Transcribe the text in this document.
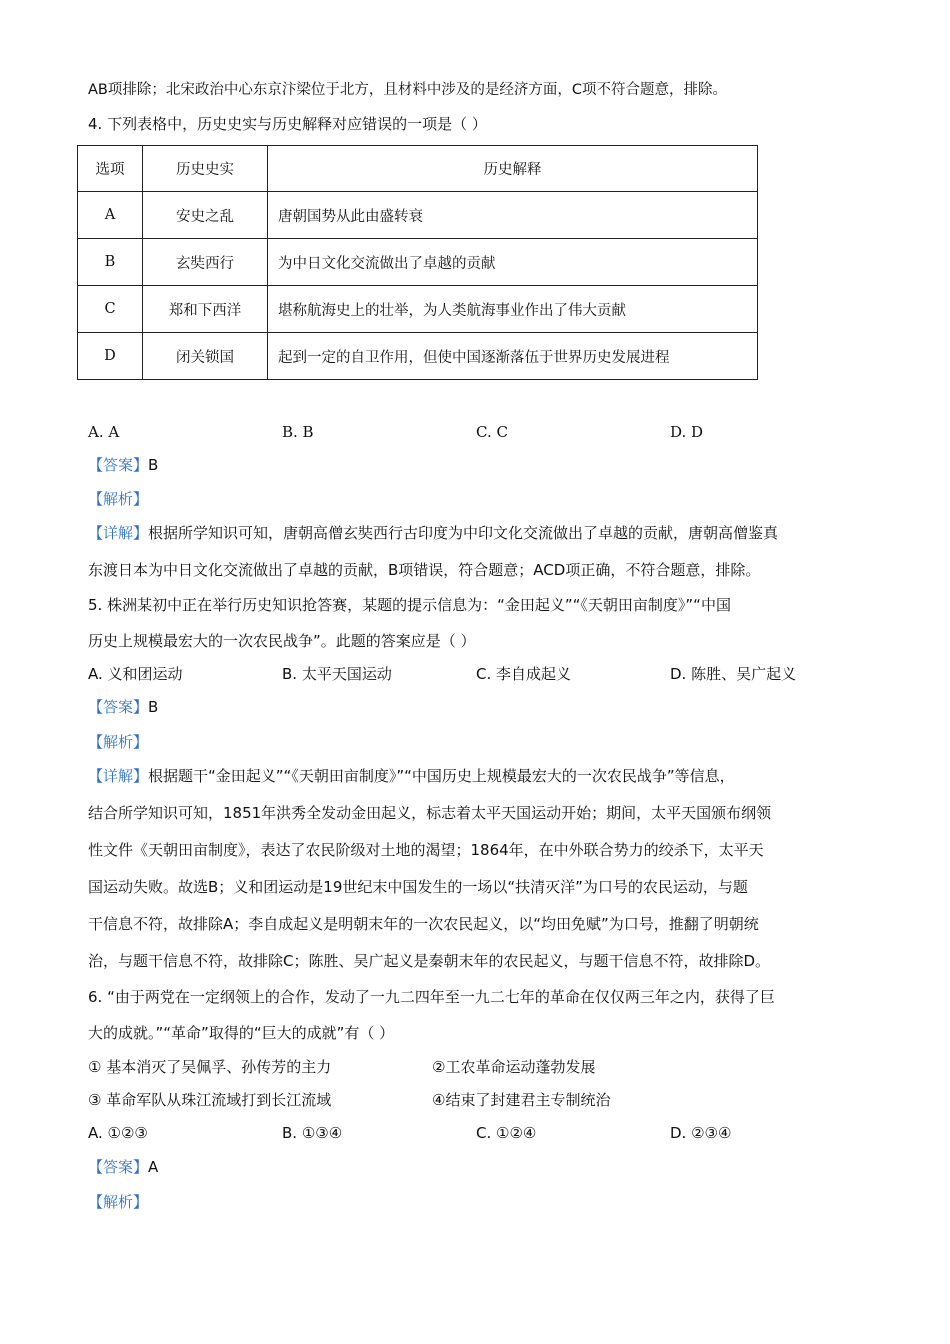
AB项排除；北宋政治中心东京汴梁位于北方，且材料中涉及的是经济方面，C项不符合题意，排除。
4. 下列表格中，历史史实与历史解释对应错误的一项是（ ）
选项	历史史实	历史解释
A	安史之乱	唐朝国势从此由盛转衰
B	玄奘西行	为中日文化交流做出了卓越的贡献
C	郑和下西洋	堪称航海史上的壮举，为人类航海事业作出了伟大贡献
D	闭关锁国	起到一定的自卫作用，但使中国逐渐落伍于世界历史发展进程
A. A	B. B	C. C	D. D
【答案】B
【解析】
【详解】根据所学知识可知，唐朝高僧玄奘西行古印度为中印文化交流做出了卓越的贡献，唐朝高僧鉴真
东渡日本为中日文化交流做出了卓越的贡献，B项错误，符合题意；ACD项正确，不符合题意，排除。
5. 株洲某初中正在举行历史知识抢答赛，某题的提示信息为：“金田起义”“《天朝田亩制度》”“中国
历史上规模最宏大的一次农民战争”。此题的答案应是（ ）
A. 义和团运动	B. 太平天国运动	C. 李自成起义	D. 陈胜、吴广起义
【答案】B
【解析】
【详解】根据题干“金田起义”“《天朝田亩制度》”“中国历史上规模最宏大的一次农民战争”等信息，
结合所学知识可知，1851年洪秀全发动金田起义，标志着太平天国运动开始；期间，太平天国颁布纲领
性文件《天朝田亩制度》，表达了农民阶级对土地的渴望；1864年，在中外联合势力的绞杀下，太平天
国运动失败。故选B；义和团运动是19世纪末中国发生的一场以“扶清灭洋”为口号的农民运动，与题
干信息不符，故排除A；李自成起义是明朝末年的一次农民起义，以“均田免赋”为口号，推翻了明朝统
治，与题干信息不符，故排除C；陈胜、吴广起义是秦朝末年的农民起义，与题干信息不符，故排除D。
6. “由于两党在一定纲领上的合作，发动了一九二四年至一九二七年的革命在仅仅两三年之内，获得了巨
大的成就。”“革命”取得的“巨大的成就”有（ ）
① 基本消灭了吴佩孚、孙传芳的主力	②工农革命运动蓬勃发展
③ 革命军队从珠江流域打到长江流域	④结束了封建君主专制统治
A. ①②③	B. ①③④	C. ①②④	D. ②③④
【答案】A
【解析】
